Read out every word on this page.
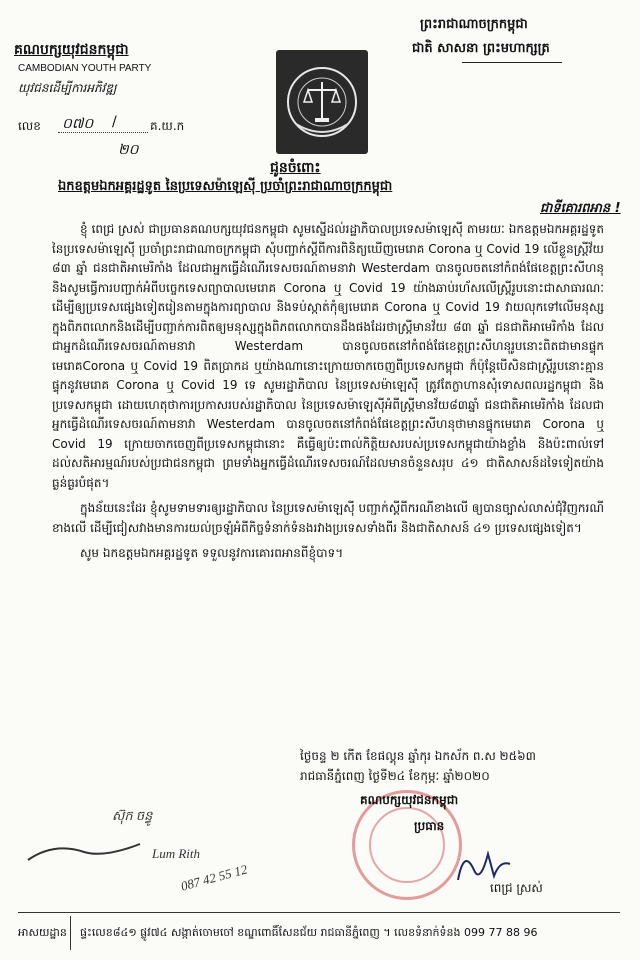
គណបក្សយុវជនកម្ពុជា
CAMBODIAN YOUTH PARTY
យុវជនដើម្បីការអភិវឌ្ឍ
ព្រះរាជាណាចក្រកម្ពុជា
ជាតិ សាសនា ព្រះមហាក្សត្រ
លេខ ០៧០ /
២០
គ.យ.ក
ជូនចំពោះ
ឯកឧត្តមឯកអគ្គរដ្ឋទូត នៃប្រទេសម៉ាឡេស៊ី ប្រចាំព្រះរាជាណាចក្រកម្ពុជា
ជាទីគោរពអាន !

ខ្ញុំ ពេជ្រ ស្រស់ ជាប្រធានគណបក្សយុវជនកម្ពុជា សូមស្នើដល់រដ្ឋាភិបាលប្រទេសម៉ាឡេស៊ី តាមរយៈ ឯកឧត្តមឯកអគ្គរដ្ឋទូត នៃប្រទេសម៉ាឡេស៊ី ប្រចាំព្រះរាជាណាចក្រកម្ពុជា សុំបញ្ជាក់ស្ដីពីការពិនិត្យឃើញមេរោគ Corona ឬ Covid 19 លើខ្លួនស្ត្រីវ័យ ៨៣ ឆ្នាំ ជនជាតិអាមេរិកាំង ដែលជាអ្នកធ្វើដំណើរទេសចរណ៍តាមនាវា Westerdam បានចូលចតនៅកំពង់ផែខេត្តព្រះសីហនុ និងសូមធ្វើការបញ្ជាក់អំពីបច្ចេកទេសព្យាបាលមេរោគ Corona ឬ Covid 19 យ៉ាងឆាប់រហ័សលើស្ត្រីរូបនោះជាសាធារណៈ ដើម្បីឲ្យប្រទេសផ្សេងទៀតរៀនតាមក្នុងការព្យាបាល និងទប់ស្កាត់កុំឲ្យមេរោគ Corona ឬ Covid 19 វាយលុកទៅលើមនុស្សក្នុងពិភពលោកនិងដើម្បីបញ្ជាក់ការពិតឲ្យមនុស្សក្នុងពិភពលោកបានដឹងផងដែរថាស្ត្រីមានវ័យ ៨៣ ឆ្នាំ ជនជាតិអាមេរិកាំង ដែលជាអ្នកដំណើរទេសចរណ៍តាមនាវា Westerdam បានចូលចតនៅកំពង់ផែខេត្តព្រះសីហនុរូបនោះពិតជាមានផ្ទុកមេរោគCorona ឬ Covid 19 ពិតប្រាកដ ឬយ៉ាងណានោះក្រោយចាកចេញពីប្រទេសកម្ពុជា ក៏ប៉ុន្តែបើសិនជាស្ត្រីរូបនោះគ្មានផ្ទុកនូវមេរោគ Corona ឬ Covid 19 ទេ សូមរដ្ឋាភិបាល នៃប្រទេសម៉ាឡេស៊ី ត្រូវតែក្លាហានសុំទោសពលរដ្ឋកម្ពុជា និងប្រទេសកម្ពុជា ដោយហេតុថាការប្រកាសរបស់រដ្ឋាភិបាល នៃប្រទេសម៉ាឡេស៊ីអំពីស្ត្រីមានវ័យ៨៣ឆ្នាំ ជនជាតិអាមេរិកាំង ដែលជាអ្នកធ្វើដំណើរទេសចរណ៍តាមនាវា Westerdam បានចូលចតនៅកំពង់ផែខេត្តព្រះសីហនុថាមានផ្ទុកមេរោគ Corona ឬ Covid 19 ក្រោយចាកចេញពីប្រទេសកម្ពុជានោះ គឺធ្វើឲ្យប៉ះពាល់កិត្តិយសរបស់ប្រទេសកម្ពុជាយ៉ាងខ្លាំង និងប៉ះពាល់ទៅដល់សតិអារម្មណ៍របស់ប្រជាជនកម្ពុជា ព្រមទាំងអ្នកធ្វើដំណើរទេសចរណ៍ដែលមានចំនួនសរុប ៤១ ជាតិសាសន៍ដទៃទៀតយ៉ាងធ្ងន់ធ្ងរបំផុត។

ក្នុងន័យនេះដែរ ខ្ញុំសូមទាមទារឲ្យរដ្ឋាភិបាល នៃប្រទេសម៉ាឡេស៊ី បញ្ជាក់ស្ដីពីករណីខាងលើ ឲ្យបានច្បាស់លាស់ជុំវិញករណីខាងលើ ដើម្បីជៀសវាងមានការយល់ច្រឡំអំពីកិច្ចទំនាក់ទំនងរវាងប្រទេសទាំងពីរ និងជាតិសាសន៍ ៤១ ប្រទេសផ្សេងទៀត។

សូម ឯកឧត្តមឯកអគ្គរដ្ឋទូត ទទួលនូវការគោរពអាន​ពីខ្ញុំបាទ។

ថ្ងៃចន្ទ ២ កើត ខែផល្គុន ឆ្នាំកុរ ឯកស័ក ព.ស ២៥៦៣
រាជធានីភ្នំពេញ ថ្ងៃទី២៤ ខែកុម្ភៈ ឆ្នាំ២០២០
គណបក្សយុវជនកម្ពុជា
ប្រធាន
ពេជ្រ ស្រស់
ស៊ុក ចន្ធូ
Lum Rith
087 42 55 12
អាសយដ្ឋាន ផ្ទះលេខ៨៤១ ផ្លូវ៧៤ សង្កាត់ចោមចៅ ខណ្ឌពោធិ៍សែនជ័យ រាជធានីភ្នំពេញ ។ លេខទំនាក់ទំនង 099 77 88 96
